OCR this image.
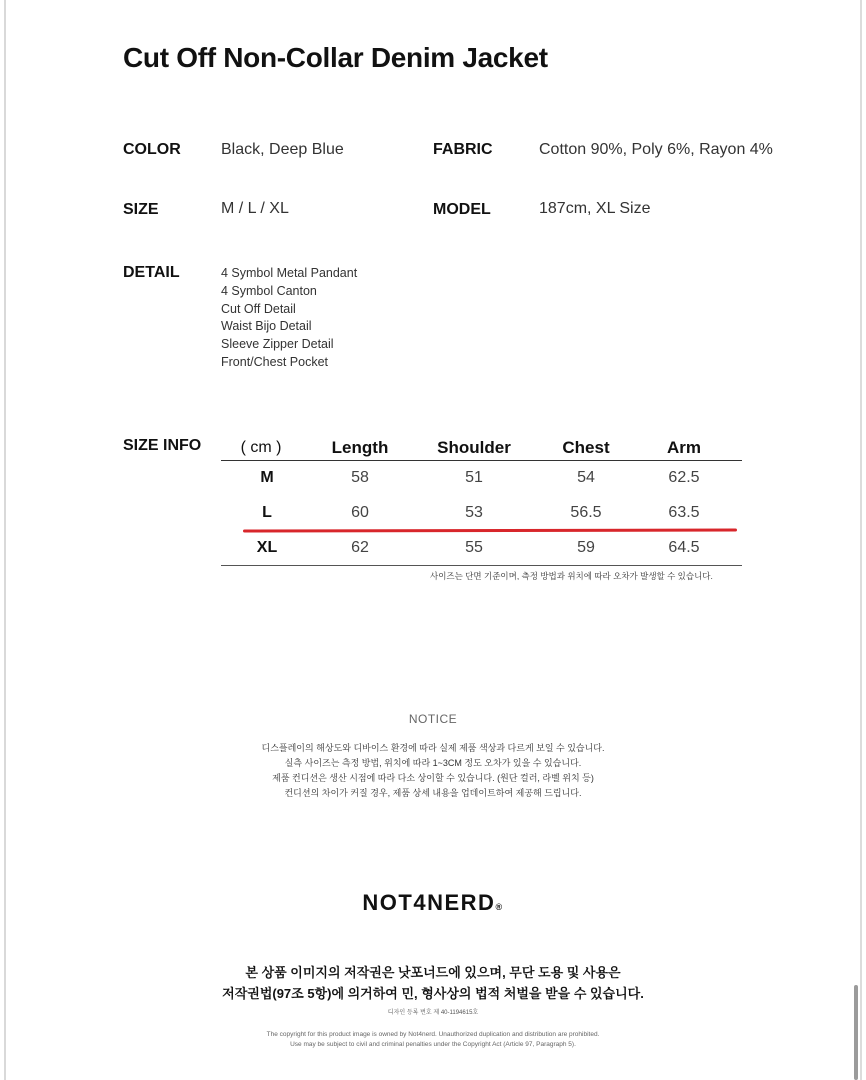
Cut Off Non-Collar Denim Jacket
COLOR	Black, Deep Blue	FABRIC	Cotton 90%, Poly 6%, Rayon 4%
SIZE	M / L / XL	MODEL	187cm, XL Size
DETAIL	4 Symbol Metal Pandant
4 Symbol Canton
Cut Off Detail
Waist Bijo Detail
Sleeve Zipper Detail
Front/Chest Pocket
SIZE INFO	( cm )	Length	Shoulder	Chest	Arm
M	58	51	54	62.5
L	60	53	56.5	63.5
XL	62	55	59	64.5
사이즈는 단면 기준이며, 측정 방법과 위치에 따라 오차가 발생할 수 있습니다.
NOTICE
디스플레이의 해상도와 디바이스 환경에 따라 실제 제품 색상과 다르게 보일 수 있습니다.
실측 사이즈는 측정 방법, 위치에 따라 1~3CM 정도 오차가 있을 수 있습니다.
제품 컨디션은 생산 시점에 따라 다소 상이할 수 있습니다. (원단 컬러, 라벨 위치 등)
컨디션의 차이가 커질 경우, 제품 상세 내용을 업데이트하여 제공해 드립니다.
NOT4NERD®
본 상품 이미지의 저작권은 낫포너드에 있으며, 무단 도용 및 사용은
저작권법(97조 5항)에 의거하여 민, 형사상의 법적 처벌을 받을 수 있습니다.
디자인 등록 번호 제 40-1194615호
The copyright for this product image is owned by Not4nerd. Unauthorized duplication and distribution are prohibited.
Use may be subject to civil and criminal penalties under the Copyright Act (Article 97, Paragraph 5).
